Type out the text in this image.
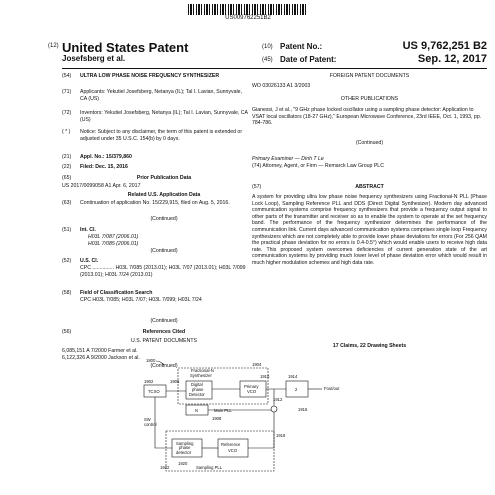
US009762251B2
(12) United States Patent
Josefsberg et al.
(10) Patent No.:	US 9,762,251 B2
(45) Date of Patent:	Sep. 12, 2017
(54)	ULTRA LOW PHASE NOISE FREQUENCY SYNTHESIZER
(71)	Applicants: Yekutiel Josefsberg, Netanya (IL); Tal I. Lavian, Sunnyvale, CA (US)
(72)	Inventors: Yekutiel Josefsberg, Netanya (IL); Tal I. Lavian, Sunnyvale, CA (US)
( * )	Notice: Subject to any disclaimer, the term of this patent is extended or adjusted under 35 U.S.C. 154(b) by 0 days.
(21)	Appl. No.: 15/379,860
(22)	Filed: Dec. 15, 2016
(65)	Prior Publication Data
US 2017/0099058 A1 Apr. 6, 2017
Related U.S. Application Data
(63)	Continuation of application No. 15/229,915, filed on Aug. 5, 2016.
(Continued)
(51)	Int. Cl.
H03L 7/087 (2006.01)
H03L 7/085 (2006.01)
(Continued)
(52)	U.S. Cl.
CPC ............... H03L 7/085 (2013.01); H03L 7/07 (2013.01); H03L 7/099 (2013.01); H03L 7/24 (2013.01)
(58)	Field of Classification Search
CPC H03L 7/085; H03L 7/07; H03L 7/099; H03L 7/24
(Continued)
(56)	References Cited
U.S. PATENT DOCUMENTS
6,085,151 A 7/2000 Farmer et al.
6,122,326 A 9/2000 Jackson et al.
(Continued)
FOREIGN PATENT DOCUMENTS
WO 03026133 A1 3/2003
OTHER PUBLICATIONS
Gianessi, J et al., "9 GHz phase locked oscillator using a sampling phase detector: Application to VSAT local oscillators (18-27 GHz)," European Microwave Conference, 23rd IEEE, Oct. 1, 1993, pp. 784-786.
(Continued)
Primary Examiner — Dinh T Le
(74) Attorney, Agent, or Firm — Remarck Law Group PLC
(57)	ABSTRACT
A system for providing ultra low phase noise frequency synthesizers using Fractional-N PLL (Phase Lock Loop), Sampling Reference PLL and DDS (Direct Digital Synthesizer). Modern day advanced communication systems comprise frequency synthesizers that provide a frequency output signal to other parts of the transmitter and receiver so as to enable the system to operate at the set frequency band. The performance of the frequency synthesizer determines the performance of the communication link. Current days advanced communication systems comprises single loop Frequency synthesizers which are not completely able to provide lower phase deviations for errors (For 256 QAM the practical phase deviation for no errors is 0.4-0.5°) which would enable users to receive high data rate. This proposed system overcomes deficiencies of current generation state of the art communication systems by providing much lower level of phase deviation error which would result in much higher modulation schemes and high data rate.
17 Claims, 22 Drawing Sheets
1800
1902
TCXO
1906
Fractional-N
Synthesizer
1904
Digital
phase
Detector
1910
Primary
VCO
1914
2	Fout/out
1912
1916
N	Main PLL
1908
SW
control
1918
Sampling
phase
detector
Reference
VCO
1922
1920
Sampling PLL
